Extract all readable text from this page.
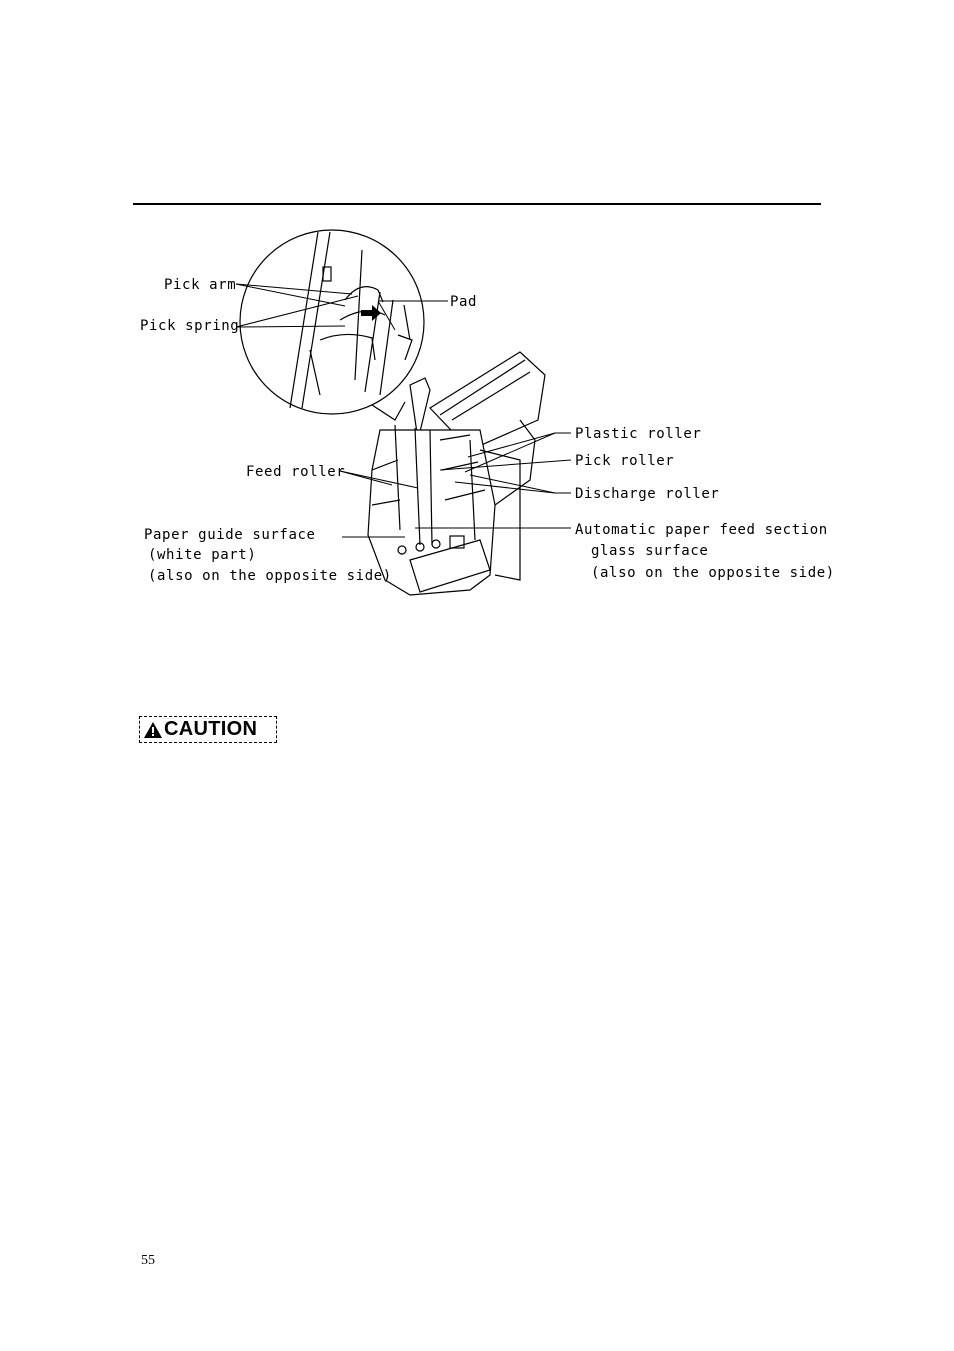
Pick arm
Pick spring
Pad
Plastic roller
Pick roller
Feed roller
Discharge roller
Paper guide surface
(white part)
(also on the opposite side)
Automatic paper feed section
glass surface
(also on the opposite side)
CAUTION
55
